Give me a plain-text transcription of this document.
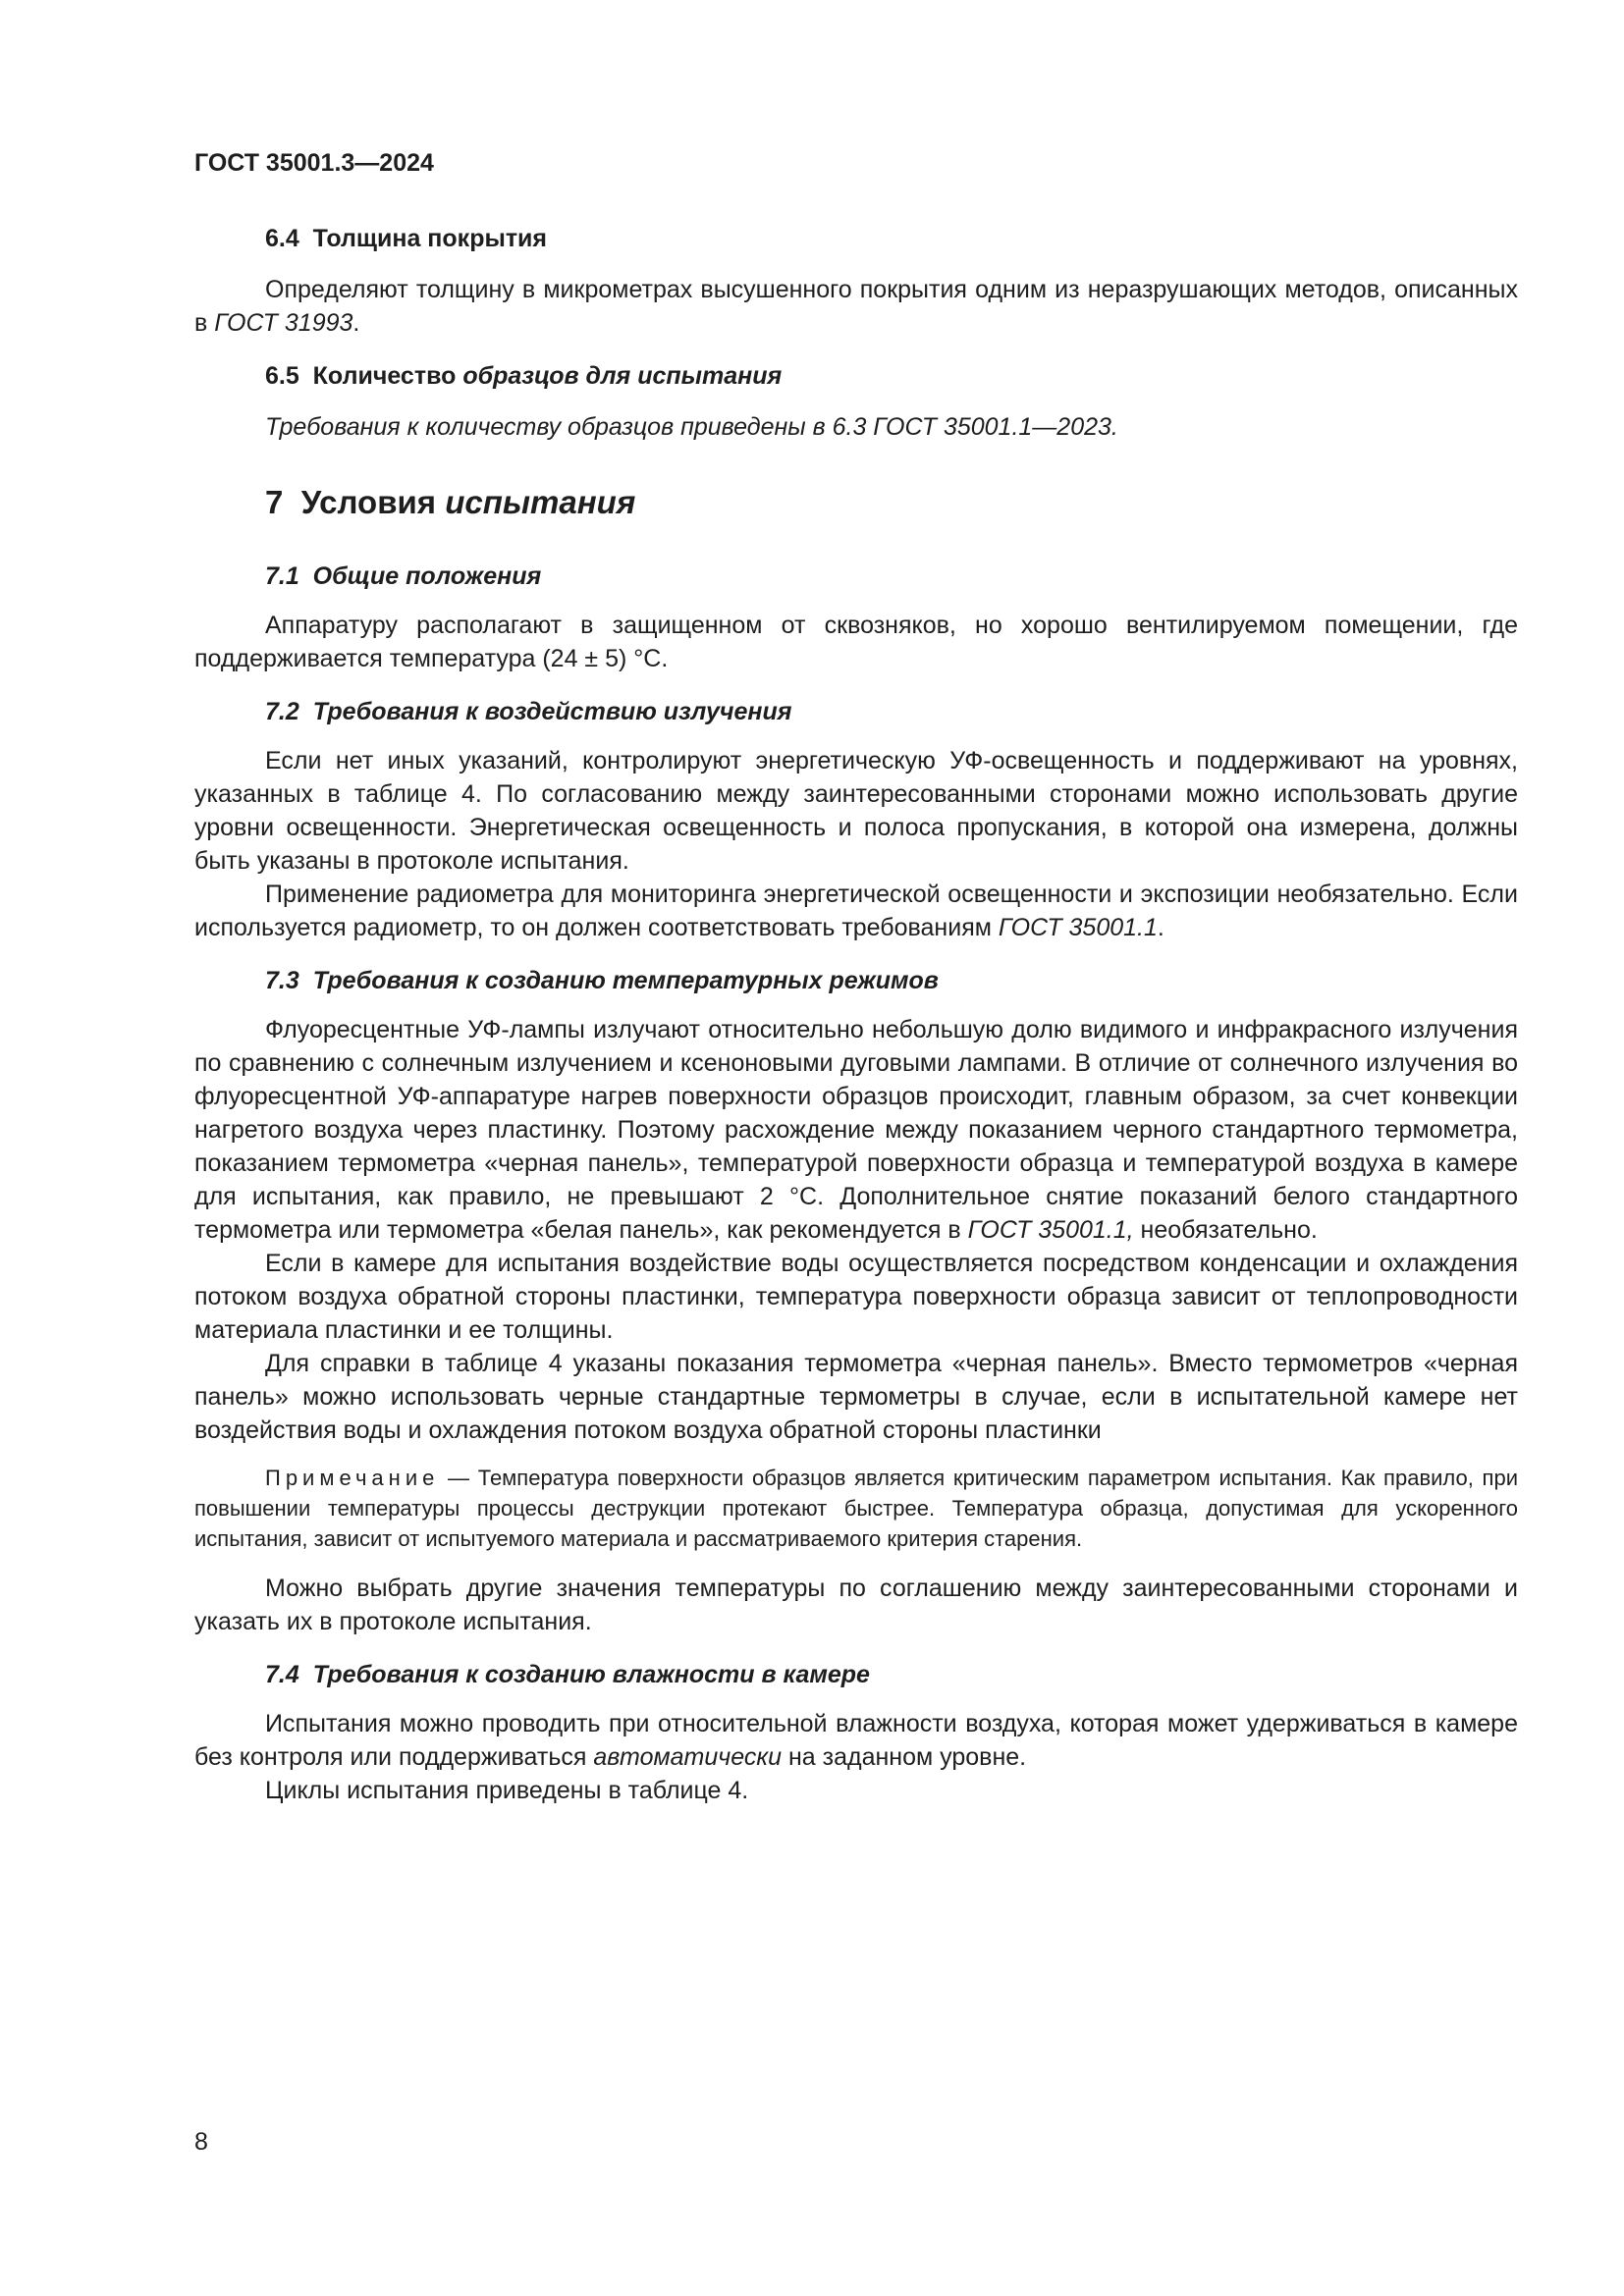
ГОСТ 35001.3—2024
6.4 Толщина покрытия

Определяют толщину в микрометрах высушенного покрытия одним из неразрушающих методов, описанных в ГОСТ 31993.

6.5 Количество образцов для испытания

Требования к количеству образцов приведены в 6.3 ГОСТ 35001.1—2023.

7 Условия испытания
7.1 Общие положения

Аппаратуру располагают в защищенном от сквозняков, но хорошо вентилируемом помещении, где поддерживается температура (24 ± 5) °C.

7.2 Требования к воздействию излучения

Если нет иных указаний, контролируют энергетическую УФ-освещенность и поддерживают на уровнях, указанных в таблице 4. По согласованию между заинтересованными сторонами можно использовать другие уровни освещенности. Энергетическая освещенность и полоса пропускания, в которой она измерена, должны быть указаны в протоколе испытания.

Применение радиометра для мониторинга энергетической освещенности и экспозиции необязательно. Если используется радиометр, то он должен соответствовать требованиям ГОСТ 35001.1.

7.3 Требования к созданию температурных режимов

Флуоресцентные УФ-лампы излучают относительно небольшую долю видимого и инфракрасного излучения по сравнению с солнечным излучением и ксеноновыми дуговыми лампами. В отличие от солнечного излучения во флуоресцентной УФ-аппаратуре нагрев поверхности образцов происходит, главным образом, за счет конвекции нагретого воздуха через пластинку. Поэтому расхождение между показанием черного стандартного термометра, показанием термометра «черная панель», температурой поверхности образца и температурой воздуха в камере для испытания, как правило, не превышают 2 °C. Дополнительное снятие показаний белого стандартного термометра или термометра «белая панель», как рекомендуется в ГОСТ 35001.1, необязательно.

Если в камере для испытания воздействие воды осуществляется посредством конденсации и охлаждения потоком воздуха обратной стороны пластинки, температура поверхности образца зависит от теплопроводности материала пластинки и ее толщины.

Для справки в таблице 4 указаны показания термометра «черная панель». Вместо термометров «черная панель» можно использовать черные стандартные термометры в случае, если в испытательной камере нет воздействия воды и охлаждения потоком воздуха обратной стороны пластинки

Примечание — Температура поверхности образцов является критическим параметром испытания. Как правило, при повышении температуры процессы деструкции протекают быстрее. Температура образца, допустимая для ускоренного испытания, зависит от испытуемого материала и рассматриваемого критерия старения.

Можно выбрать другие значения температуры по соглашению между заинтересованными сторонами и указать их в протоколе испытания.

7.4 Требования к созданию влажности в камере

Испытания можно проводить при относительной влажности воздуха, которая может удерживаться в камере без контроля или поддерживаться автоматически на заданном уровне.

Циклы испытания приведены в таблице 4.

8
